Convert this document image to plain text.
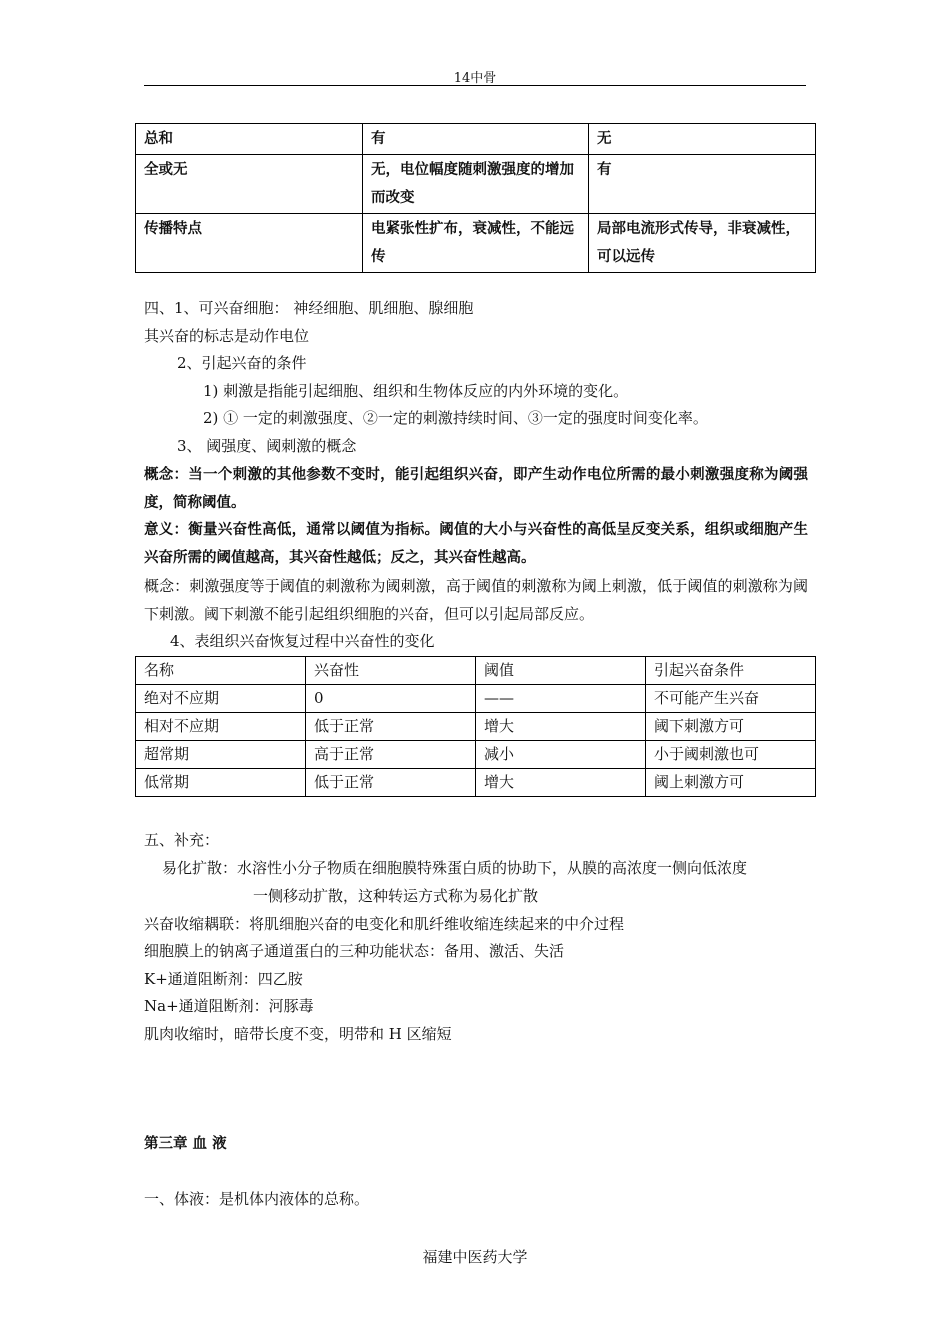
14中骨
总和	有	无
全或无	无，电位幅度随刺激强度的增加而改变	有
传播特点	电紧张性扩布，衰减性，不能远传	局部电流形式传导，非衰减性，可以远传
四、1、可兴奋细胞： 神经细胞、肌细胞、腺细胞
其兴奋的标志是动作电位
2、引起兴奋的条件
1) 刺激是指能引起细胞、组织和生物体反应的内外环境的变化。
2) ① 一定的刺激强度、②一定的刺激持续时间、③一定的强度时间变化率。
3、 阈强度、阈刺激的概念
概念：当一个刺激的其他参数不变时，能引起组织兴奋，即产生动作电位所需的最小刺激强度称为阈强度，简称阈值。
意义：衡量兴奋性高低，通常以阈值为指标。阈值的大小与兴奋性的高低呈反变关系，组织或细胞产生兴奋所需的阈值越高，其兴奋性越低；反之，其兴奋性越高。
概念：刺激强度等于阈值的刺激称为阈刺激，高于阈值的刺激称为阈上刺激，低于阈值的刺激称为阈下刺激。阈下刺激不能引起组织细胞的兴奋，但可以引起局部反应。
4、表组织兴奋恢复过程中兴奋性的变化
名称	兴奋性	阈值	引起兴奋条件
绝对不应期	0	——	不可能产生兴奋
相对不应期	低于正常	增大	阈下刺激方可
超常期	高于正常	减小	小于阈刺激也可
低常期	低于正常	增大	阈上刺激方可
五、补充：
易化扩散：水溶性小分子物质在细胞膜特殊蛋白质的协助下，从膜的高浓度一侧向低浓度
一侧移动扩散，这种转运方式称为易化扩散
兴奋收缩耦联：将肌细胞兴奋的电变化和肌纤维收缩连续起来的中介过程
细胞膜上的钠离子通道蛋白的三种功能状态：备用、激活、失活
K+通道阻断剂：四乙胺
Na+通道阻断剂：河豚毒
肌肉收缩时，暗带长度不变，明带和 H 区缩短
第三章 血 液
一、体液：是机体内液体的总称。
福建中医药大学
